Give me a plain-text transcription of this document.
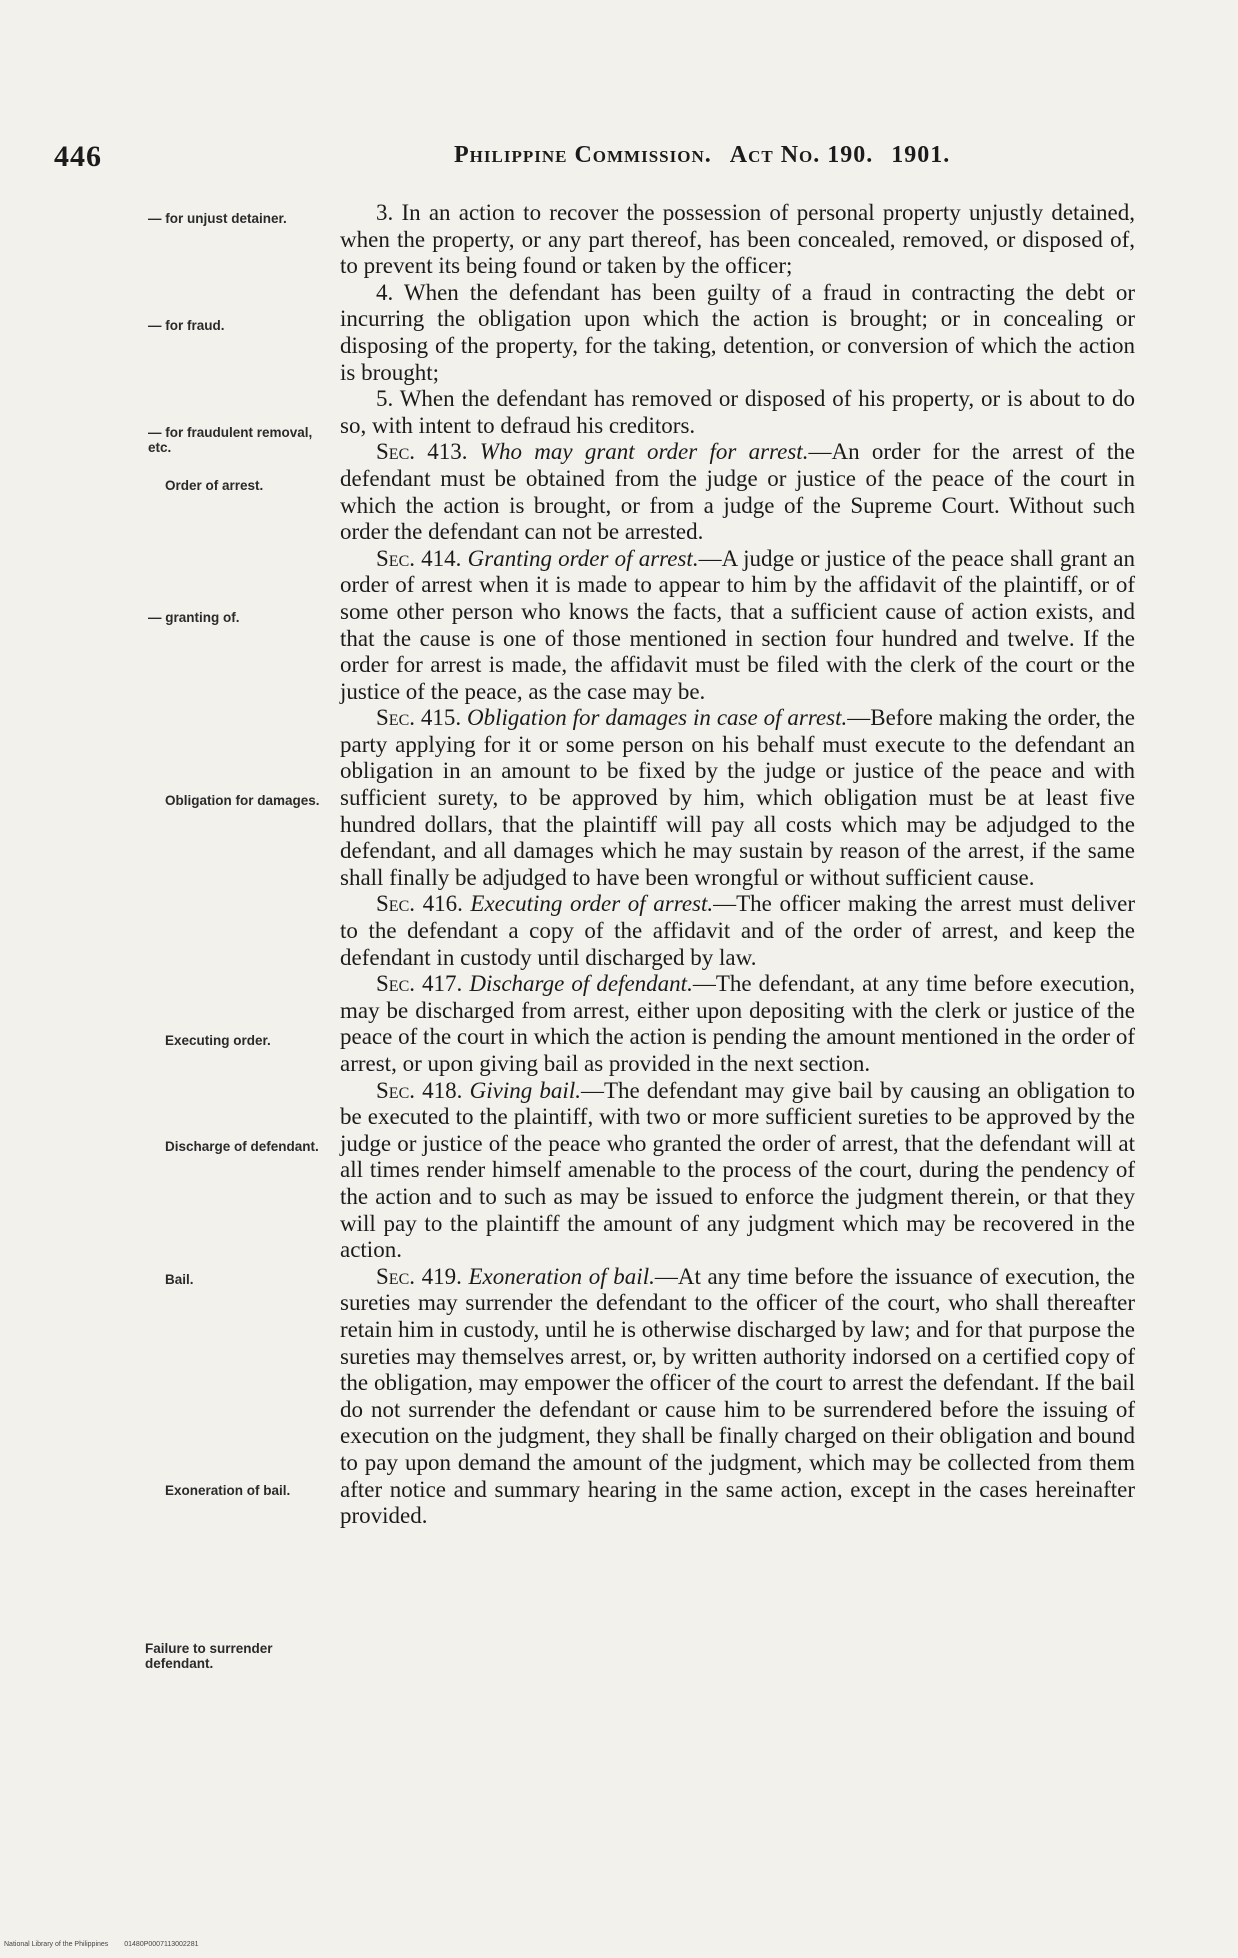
446	Philippine Commission. Act No. 190. 1901.
— for unjust detainer.
— for fraud.
— for fraudulent removal, etc.
Order of arrest.
— granting of.
Obligation for damages.
Executing order.
Discharge of defendant.
Bail.
Exoneration of bail.
Failure to surrender defendant.

3. In an action to recover the possession of personal property unjustly detained, when the property, or any part thereof, has been concealed, removed, or disposed of, to prevent its being found or taken by the officer;

4. When the defendant has been guilty of a fraud in contracting the debt or incurring the obligation upon which the action is brought; or in concealing or disposing of the property, for the taking, detention, or conversion of which the action is brought;

5. When the defendant has removed or disposed of his property, or is about to do so, with intent to defraud his creditors.

Sec. 413. Who may grant order for arrest.—An order for the arrest of the defendant must be obtained from the judge or justice of the peace of the court in which the action is brought, or from a judge of the Supreme Court. Without such order the defendant can not be arrested.

Sec. 414. Granting order of arrest.—A judge or justice of the peace shall grant an order of arrest when it is made to appear to him by the affidavit of the plaintiff, or of some other person who knows the facts, that a sufficient cause of action exists, and that the cause is one of those mentioned in section four hundred and twelve. If the order for arrest is made, the affidavit must be filed with the clerk of the court or the justice of the peace, as the case may be.

Sec. 415. Obligation for damages in case of arrest.—Before making the order, the party applying for it or some person on his behalf must execute to the defendant an obligation in an amount to be fixed by the judge or justice of the peace and with sufficient surety, to be approved by him, which obligation must be at least five hundred dollars, that the plaintiff will pay all costs which may be adjudged to the defendant, and all damages which he may sustain by reason of the arrest, if the same shall finally be adjudged to have been wrongful or without sufficient cause.

Sec. 416. Executing order of arrest.—The officer making the arrest must deliver to the defendant a copy of the affidavit and of the order of arrest, and keep the defendant in custody until discharged by law.

Sec. 417. Discharge of defendant.—The defendant, at any time before execution, may be discharged from arrest, either upon depositing with the clerk or justice of the peace of the court in which the action is pending the amount mentioned in the order of arrest, or upon giving bail as provided in the next section.

Sec. 418. Giving bail.—The defendant may give bail by causing an obligation to be executed to the plaintiff, with two or more sufficient sureties to be approved by the judge or justice of the peace who granted the order of arrest, that the defendant will at all times render himself amenable to the process of the court, during the pendency of the action and to such as may be issued to enforce the judgment therein, or that they will pay to the plaintiff the amount of any judgment which may be recovered in the action.

Sec. 419. Exoneration of bail.—At any time before the issuance of execution, the sureties may surrender the defendant to the officer of the court, who shall thereafter retain him in custody, until he is otherwise discharged by law; and for that purpose the sureties may themselves arrest, or, by written authority indorsed on a certified copy of the obligation, may empower the officer of the court to arrest the defendant. If the bail do not surrender the defendant or cause him to be surrendered before the issuing of execution on the judgment, they shall be finally charged on their obligation and bound to pay upon demand the amount of the judgment, which may be collected from them after notice and summary hearing in the same action, except in the cases hereinafter provided.

National Library of the Philippines 01480P0007113002281
